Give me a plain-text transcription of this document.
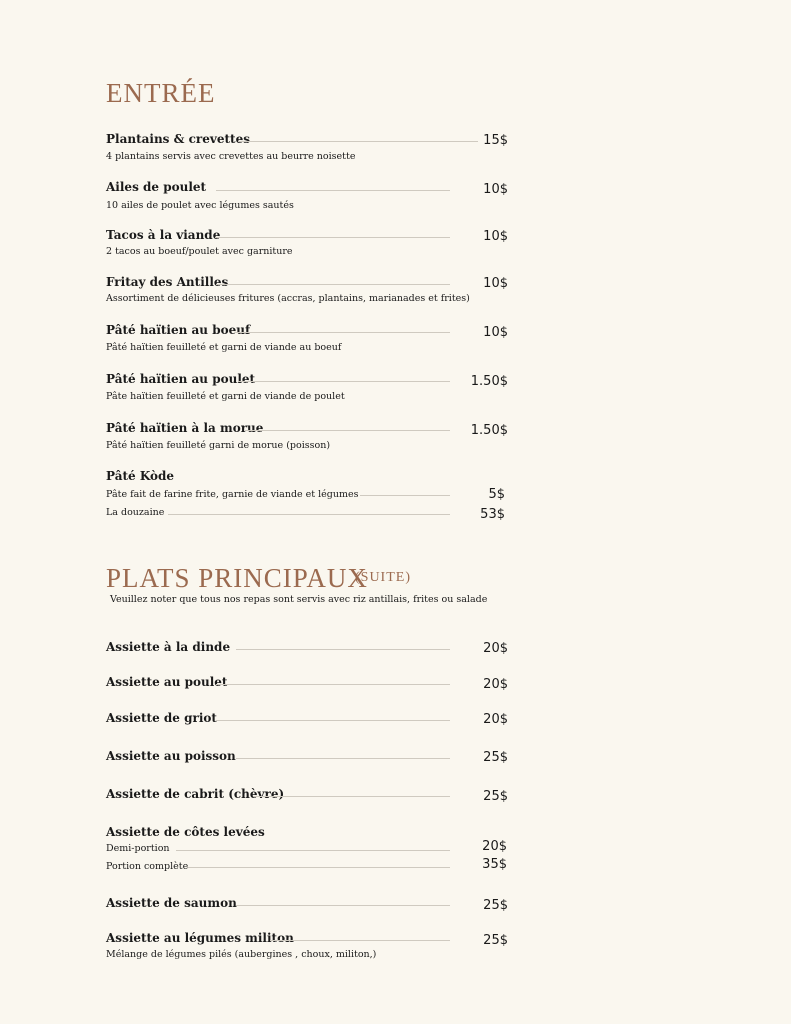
ENTRÉE
Plantains & crevettes	15$
4 plantains servis avec crevettes au beurre noisette
Ailes de poulet	10$
10 ailes de poulet avec légumes sautés
Tacos à la viande	10$
2 tacos au boeuf/poulet avec garniture
Fritay des Antilles	10$
Assortiment de délicieuses fritures (accras, plantains, marianades et frites)
Pâté haïtien au boeuf	10$
Pâté haïtien feuilleté et garni de viande au boeuf
Pâté haïtien au poulet	1.50$
Pâte haïtien feuilleté et garni de viande de poulet
Pâté haïtien à la morue	1.50$
Pâté haïtien feuilleté garni de morue (poisson)
Pâté Kòde
Pâte fait de farine frite, garnie de viande et légumes	5$
La douzaine	53$
PLATS PRINCIPAUX
(SUITE)
Veuillez noter que tous nos repas sont servis avec riz antillais, frites ou salade
Assiette à la dinde	20$
Assiette au poulet	20$
Assiette de griot	20$
Assiette au poisson	25$
Assiette de cabrit (chèvre)	25$
Assiette de côtes levées
Demi-portion	20$
Portion complète	35$
Assiette de saumon	25$
Assiette au légumes militon	25$
Mélange de légumes pilés (aubergines , choux, militon,)
